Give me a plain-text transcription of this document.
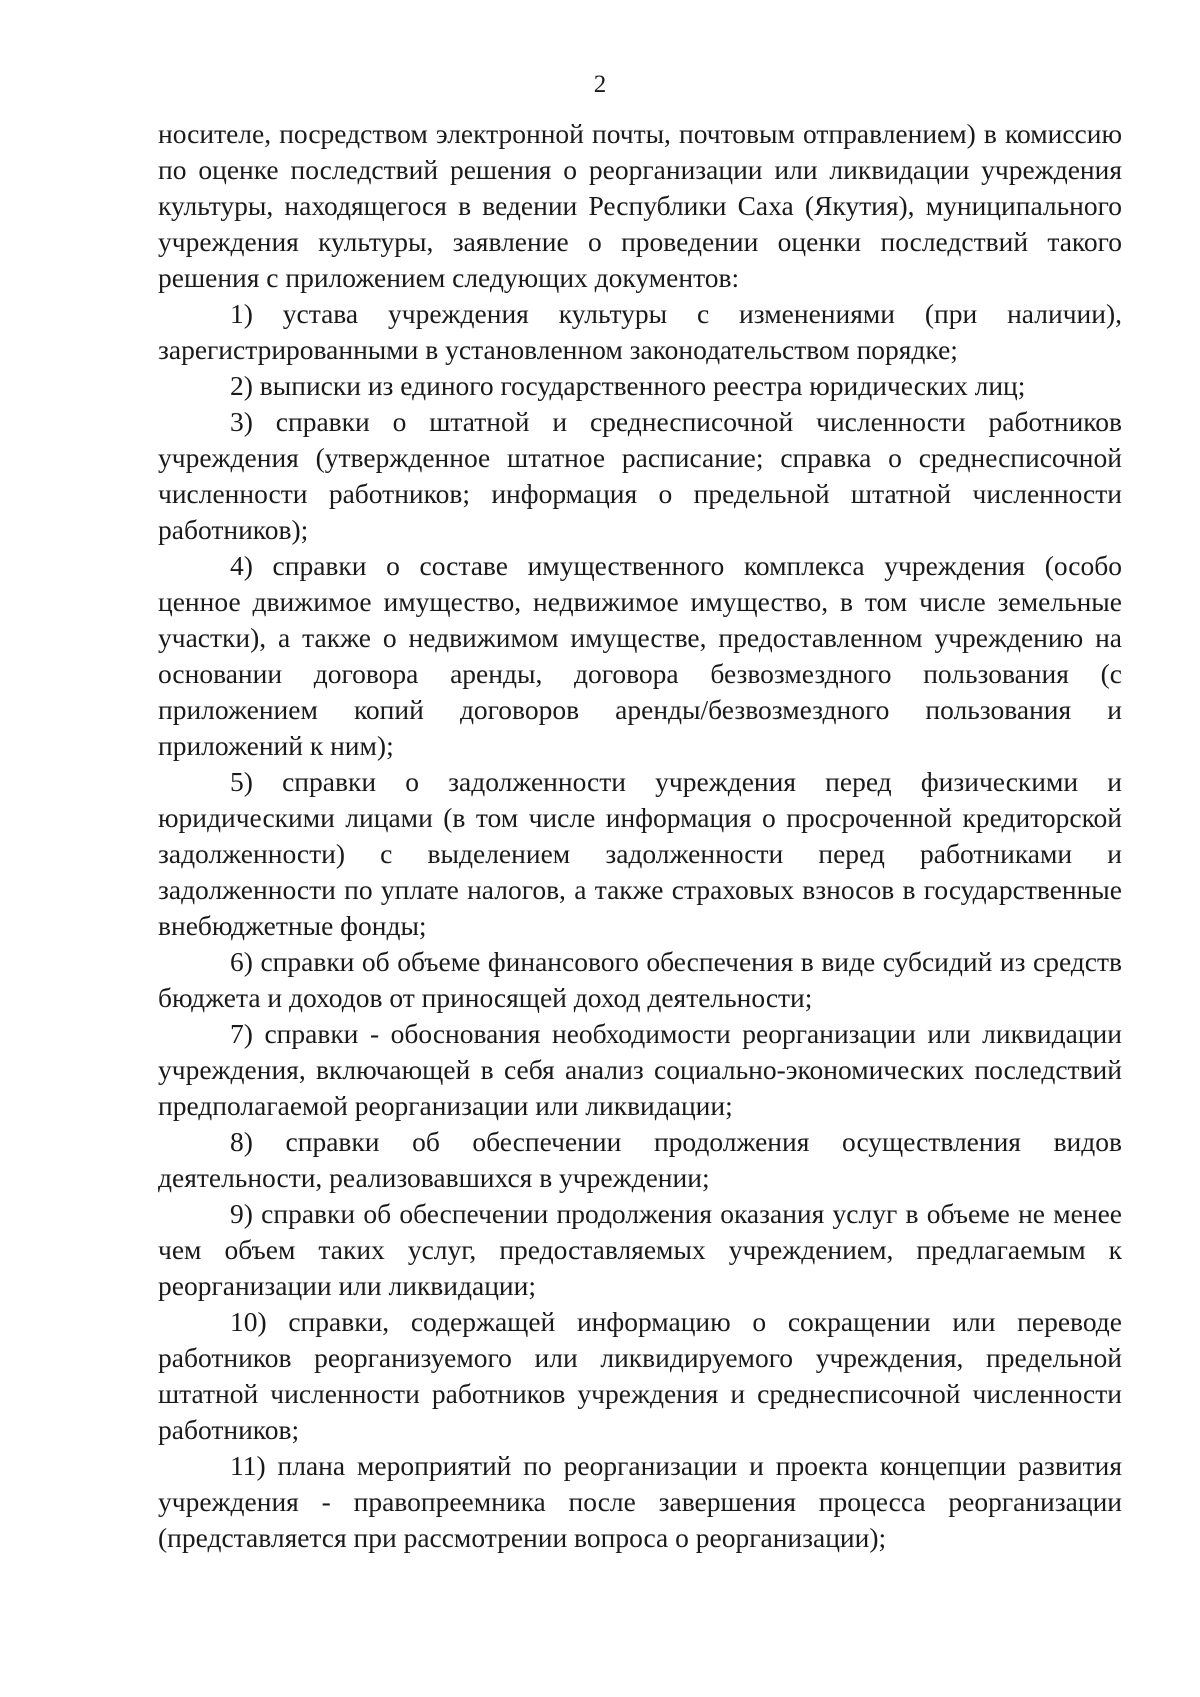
2

носителе, посредством электронной почты, почтовым отправлением) в комиссию по оценке последствий решения о реорганизации или ликвидации учреждения культуры, находящегося в ведении Республики Саха (Якутия), муниципального учреждения культуры, заявление о проведении оценки последствий такого решения с приложением следующих документов:

1) устава учреждения культуры с изменениями (при наличии), зарегистрированными в установленном законодательством порядке;

2) выписки из единого государственного реестра юридических лиц;

3) справки о штатной и среднесписочной численности работников учреждения (утвержденное штатное расписание; справка о среднесписочной численности работников; информация о предельной штатной численности работников);

4) справки о составе имущественного комплекса учреждения (особо ценное движимое имущество, недвижимое имущество, в том числе земельные участки), а также о недвижимом имуществе, предоставленном учреждению на основании договора аренды, договора безвозмездного пользования (с приложением копий договоров аренды/безвозмездного пользования и приложений к ним);

5) справки о задолженности учреждения перед физическими и юридическими лицами (в том числе информация о просроченной кредиторской задолженности) с выделением задолженности перед работниками и задолженности по уплате налогов, а также страховых взносов в государственные внебюджетные фонды;

6) справки об объеме финансового обеспечения в виде субсидий из средств бюджета и доходов от приносящей доход деятельности;

7) справки - обоснования необходимости реорганизации или ликвидации учреждения, включающей в себя анализ социально-экономических последствий предполагаемой реорганизации или ликвидации;

8) справки об обеспечении продолжения осуществления видов деятельности, реализовавшихся в учреждении;

9) справки об обеспечении продолжения оказания услуг в объеме не менее чем объем таких услуг, предоставляемых учреждением, предлагаемым к реорганизации или ликвидации;

10) справки, содержащей информацию о сокращении или переводе работников реорганизуемого или ликвидируемого учреждения, предельной штатной численности работников учреждения и среднесписочной численности работников;

11) плана мероприятий по реорганизации и проекта концепции развития учреждения - правопреемника после завершения процесса реорганизации (представляется при рассмотрении вопроса о реорганизации);
